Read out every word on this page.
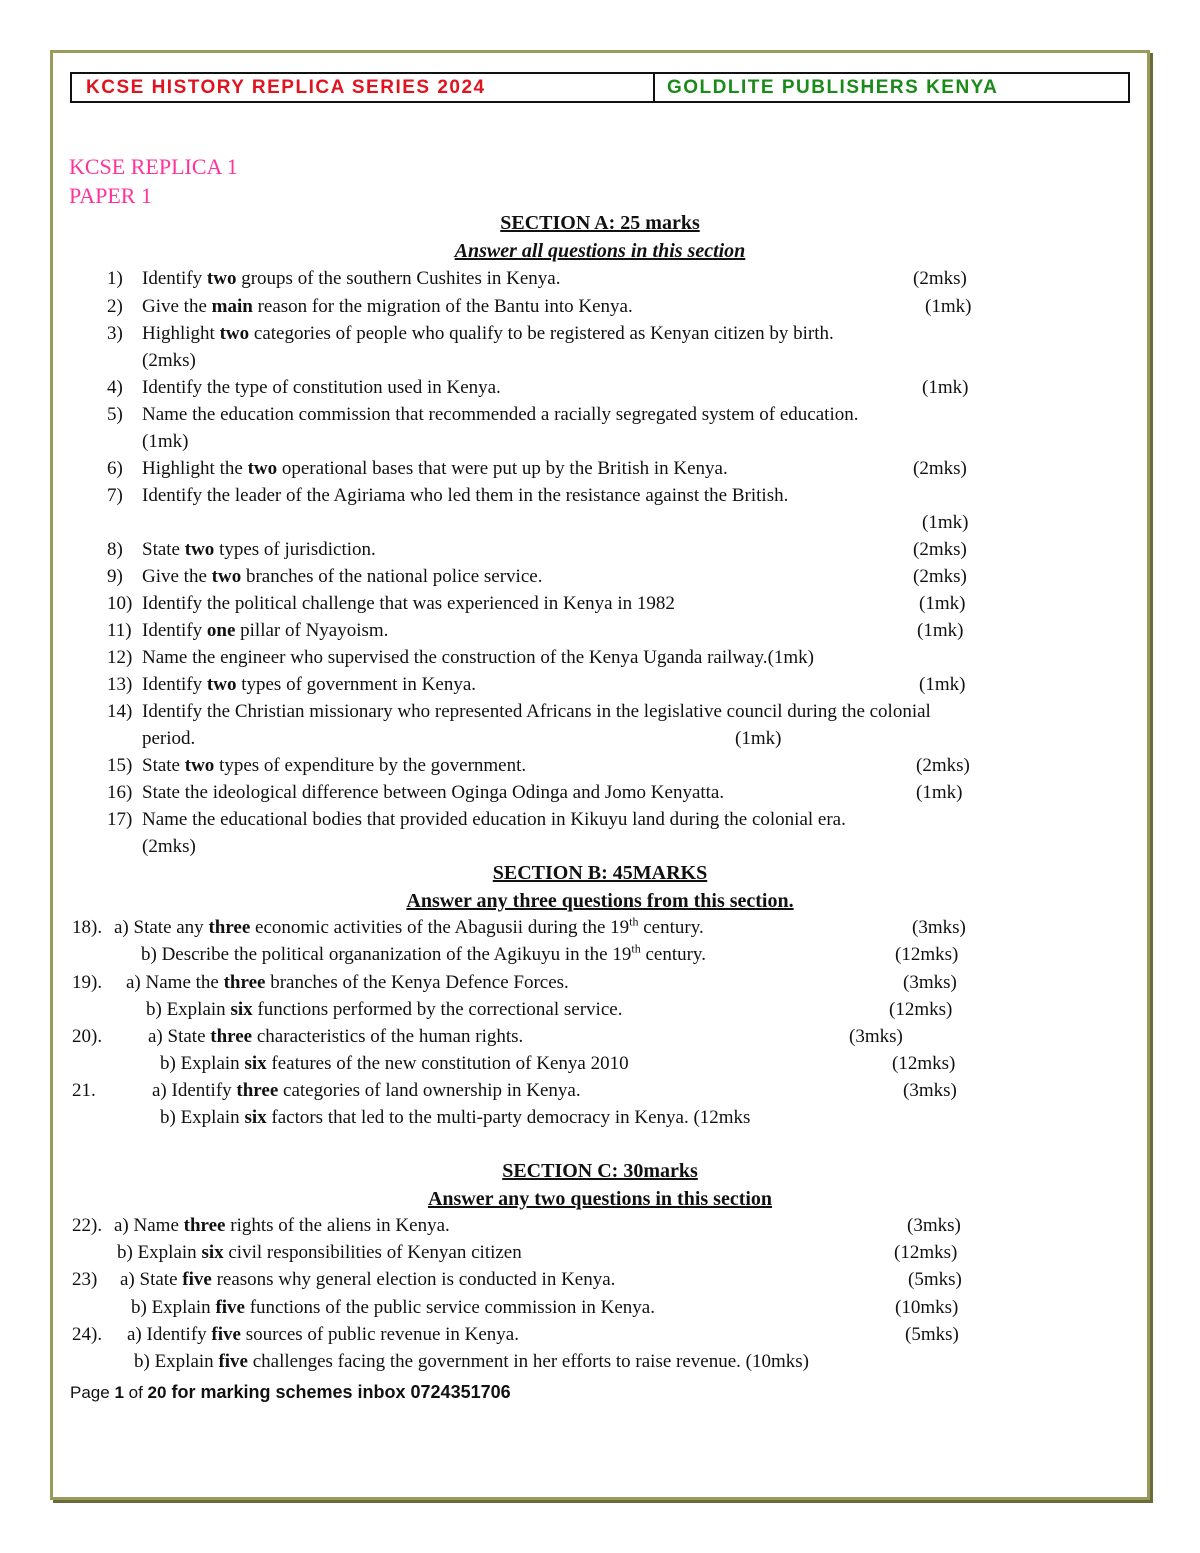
KCSE HISTORY REPLICA SERIES 2024	GOLDLITE PUBLISHERS KENYA
KCSE REPLICA 1
PAPER 1
SECTION A: 25 marks
Answer all questions in this section
1) Identify two groups of the southern Cushites in Kenya.	(2mks)
2) Give the main reason for the migration of the Bantu into Kenya.	(1mk)
3) Highlight two categories of people who qualify to be registered as Kenyan citizen by birth.
(2mks)
4) Identify the type of constitution used in Kenya.	(1mk)
5) Name the education commission that recommended a racially segregated system of education.
(1mk)
6) Highlight the two operational bases that were put up by the British in Kenya.	(2mks)
7) Identify the leader of the Agiriama who led them in the resistance against the British.
(1mk)
8) State two types of jurisdiction.	(2mks)
9) Give the two branches of the national police service.	(2mks)
10) Identify the political challenge that was experienced in Kenya in 1982	(1mk)
11) Identify one pillar of Nyayoism.	(1mk)
12) Name the engineer who supervised the construction of the Kenya Uganda railway.(1mk)
13) Identify two types of government in Kenya.	(1mk)
14) Identify the Christian missionary who represented Africans in the legislative council during the colonial
period.	(1mk)
15) State two types of expenditure by the government.	(2mks)
16) State the ideological difference between Oginga Odinga and Jomo Kenyatta.	(1mk)
17) Name the educational bodies that provided education in Kikuyu land during the colonial era.
(2mks)
SECTION B: 45MARKS
Answer any three questions from this section.
18). a) State any three economic activities of the Abagusii during the 19th century.	(3mks)
b) Describe the political organanization of the Agikuyu in the 19th century.	(12mks)
19). a) Name the three branches of the Kenya Defence Forces.	(3mks)
b) Explain six functions performed by the correctional service.	(12mks)
20). a) State three characteristics of the human rights.	(3mks)
b) Explain six features of the new constitution of Kenya 2010	(12mks)
21.	a) Identify three categories of land ownership in Kenya.	(3mks)
b) Explain six factors that led to the multi-party democracy in Kenya. (12mks
SECTION C: 30marks
Answer any two questions in this section
22). a) Name three rights of the aliens in Kenya.	(3mks)
b) Explain six civil responsibilities of Kenyan citizen	(12mks)
23) a) State five reasons why general election is conducted in Kenya.	(5mks)
b) Explain five functions of the public service commission in Kenya.	(10mks)
24). a) Identify five sources of public revenue in Kenya.	(5mks)
b) Explain five challenges facing the government in her efforts to raise revenue. (10mks)
Page 1 of 20 for marking schemes inbox 0724351706
